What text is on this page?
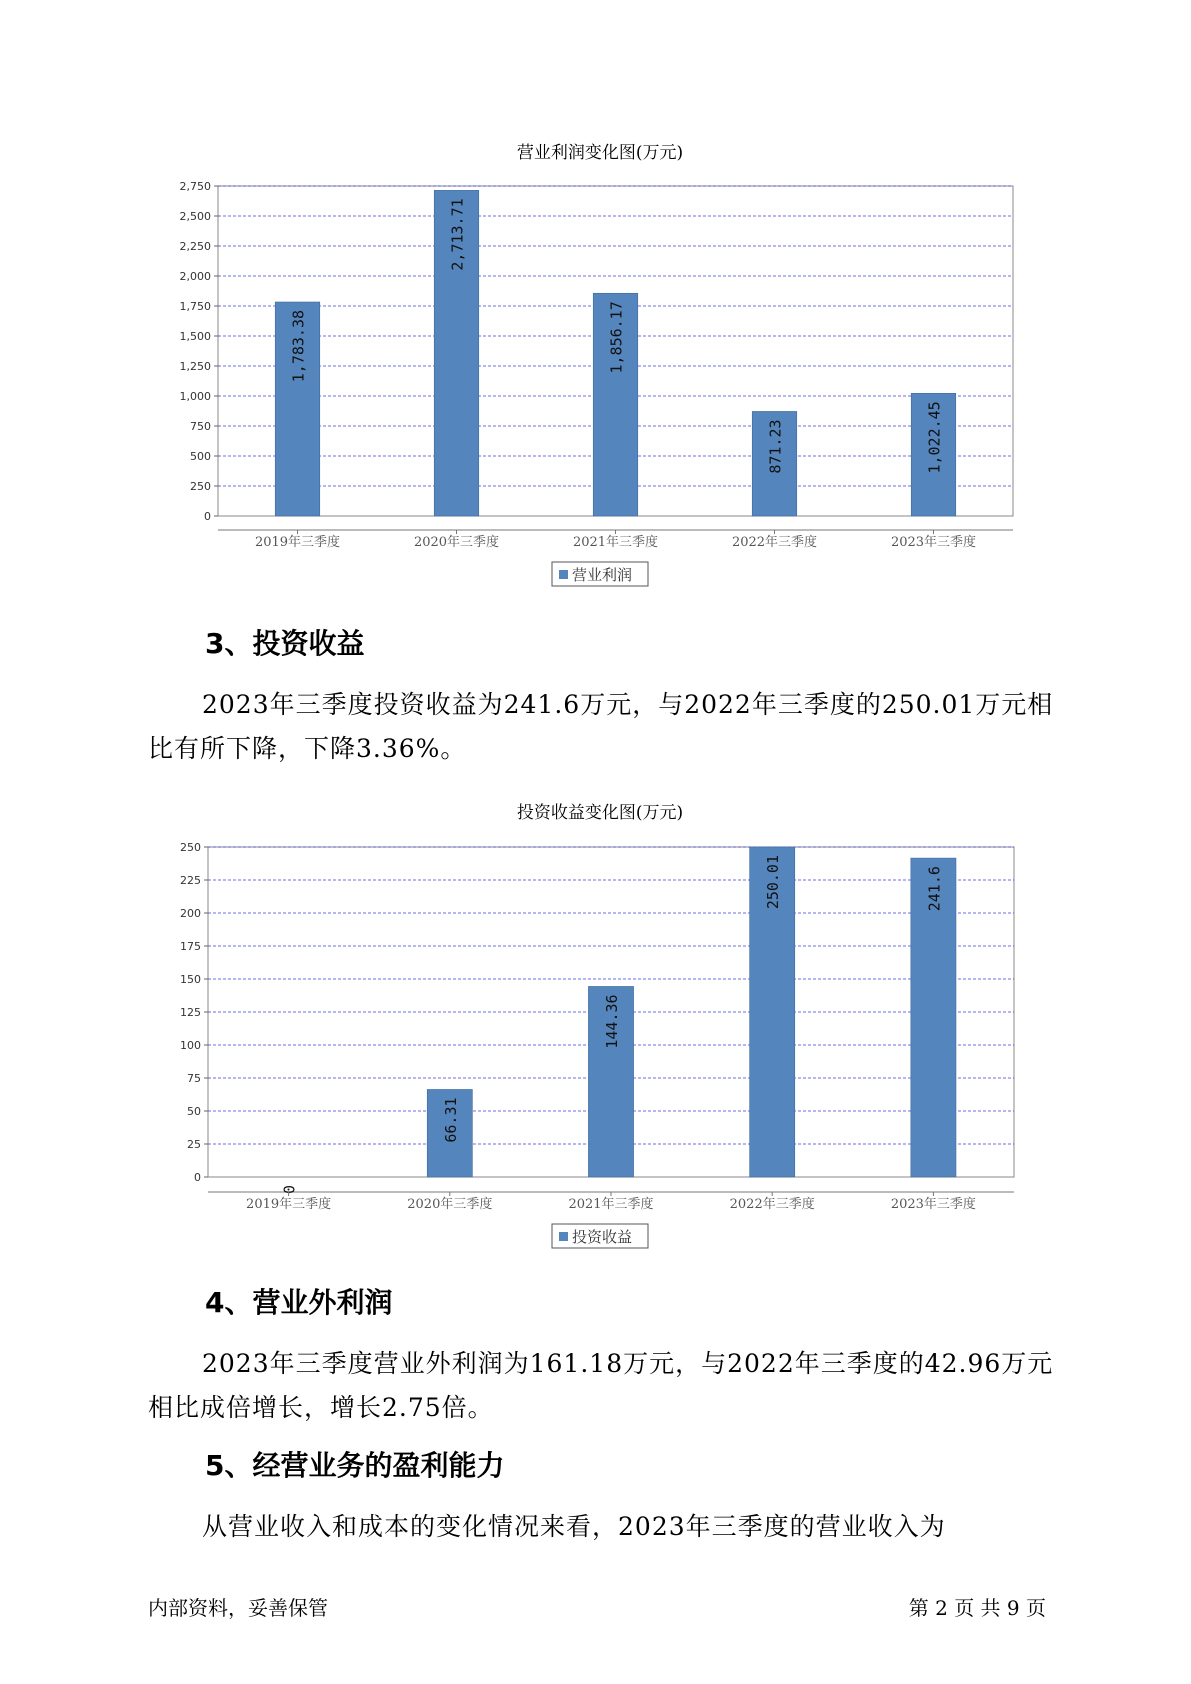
营业利润变化图(万元)
0
250
500
750
1,000
1,250
1,500
1,750
2,000
2,250
2,500
2,750
1,783.38
2019年三季度
2,713.71
2020年三季度
1,856.17
2021年三季度
871.23
2022年三季度
1,022.45
2023年三季度
营业利润
投资收益变化图(万元)
0
25
50
75
100
125
150
175
200
225
250
0
2019年三季度
66.31
2020年三季度
144.36
2021年三季度
250.01
2022年三季度
241.6
2023年三季度
投资收益
3、投资收益

2023年三季度投资收益为241.6万元，与2022年三季度的250.01万元相比有所下降，下降3.36%。

4、营业外利润

2023年三季度营业外利润为161.18万元，与2022年三季度的42.96万元相比成倍增长，增长2.75倍。

5、经营业务的盈利能力

从营业收入和成本的变化情况来看，2023年三季度的营业收入为

内部资料，妥善保管	第 2 页 共 9 页
